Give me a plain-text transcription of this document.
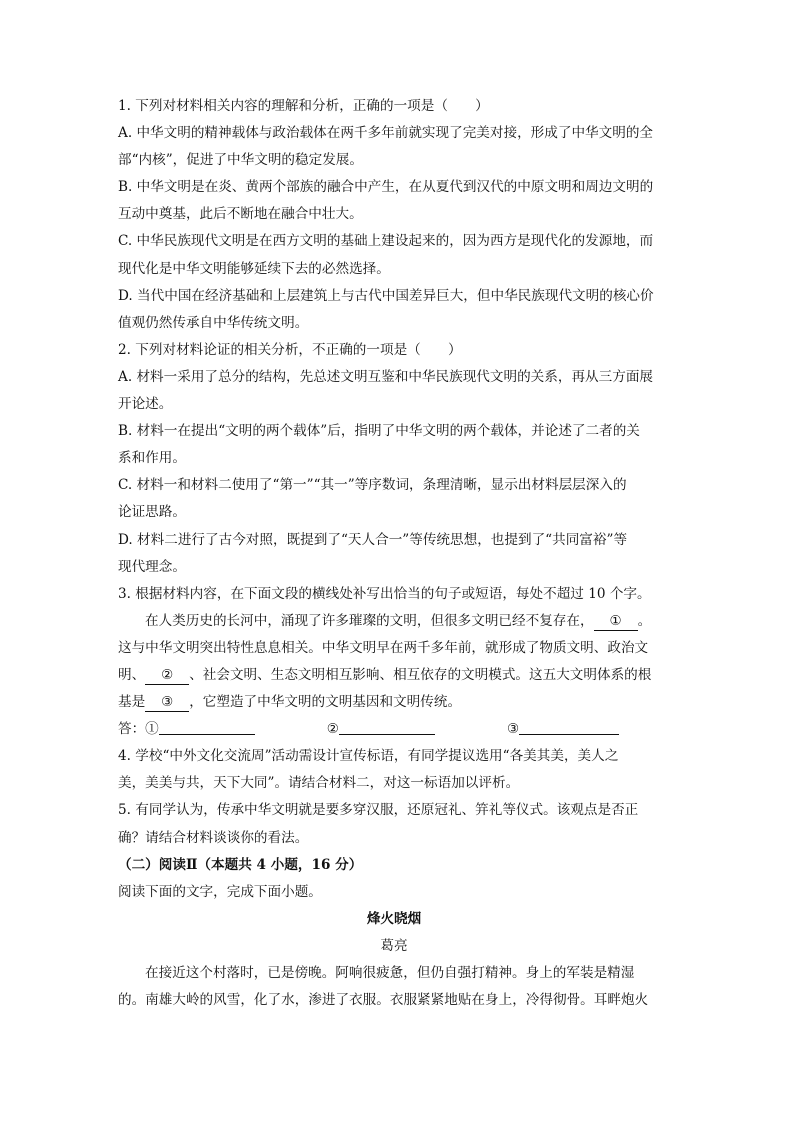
1. 下列对材料相关内容的理解和分析，正确的一项是（　　）
A. 中华文明的精神载体与政治载体在两千多年前就实现了完美对接，形成了中华文明的全
部“内核”，促进了中华文明的稳定发展。
B. 中华文明是在炎、黄两个部族的融合中产生，在从夏代到汉代的中原文明和周边文明的
互动中奠基，此后不断地在融合中壮大。
C. 中华民族现代文明是在西方文明的基础上建设起来的，因为西方是现代化的发源地，而
现代化是中华文明能够延续下去的必然选择。
D. 当代中国在经济基础和上层建筑上与古代中国差异巨大，但中华民族现代文明的核心价
值观仍然传承自中华传统文明。
2. 下列对材料论证的相关分析，不正确的一项是（　　）
A. 材料一采用了总分的结构，先总述文明互鉴和中华民族现代文明的关系，再从三方面展
开论述。
B. 材料一在提出“文明的两个载体”后，指明了中华文明的两个载体，并论述了二者的关
系和作用。
C. 材料一和材料二使用了“第一”“其一”等序数词，条理清晰，显示出材料层层深入的
论证思路。
D. 材料二进行了古今对照，既提到了“天人合一”等传统思想，也提到了“共同富裕”等
现代理念。
3. 根据材料内容，在下面文段的横线处补写出恰当的句子或短语，每处不超过 10 个字。
在人类历史的长河中，涌现了许多璀璨的文明，但很多文明已经不复存在， ① 。
这与中华文明突出特性息息相关。中华文明早在两千多年前，就形成了物质文明、政治文
明、 ② 、社会文明、生态文明相互影响、相互依存的文明模式。这五大文明体系的根
基是 ③ ，它塑造了中华文明的文明基因和文明传统。
答：①	②	③
4. 学校“中外文化交流周”活动需设计宣传标语，有同学提议选用“各美其美，美人之
美，美美与共，天下大同”。请结合材料二，对这一标语加以评析。
5. 有同学认为，传承中华文明就是要多穿汉服，还原冠礼、笄礼等仪式。该观点是否正
确？请结合材料谈谈你的看法。
（二）阅读Ⅱ（本题共 4 小题，16 分）
阅读下面的文字，完成下面小题。
烽火晓烟
葛亮
在接近这个村落时，已是傍晚。阿响很疲惫，但仍自强打精神。身上的军装是精湿
的。南雄大岭的风雪，化了水，渗进了衣服。衣服紧紧地贴在身上，冷得彻骨。耳畔炮火
